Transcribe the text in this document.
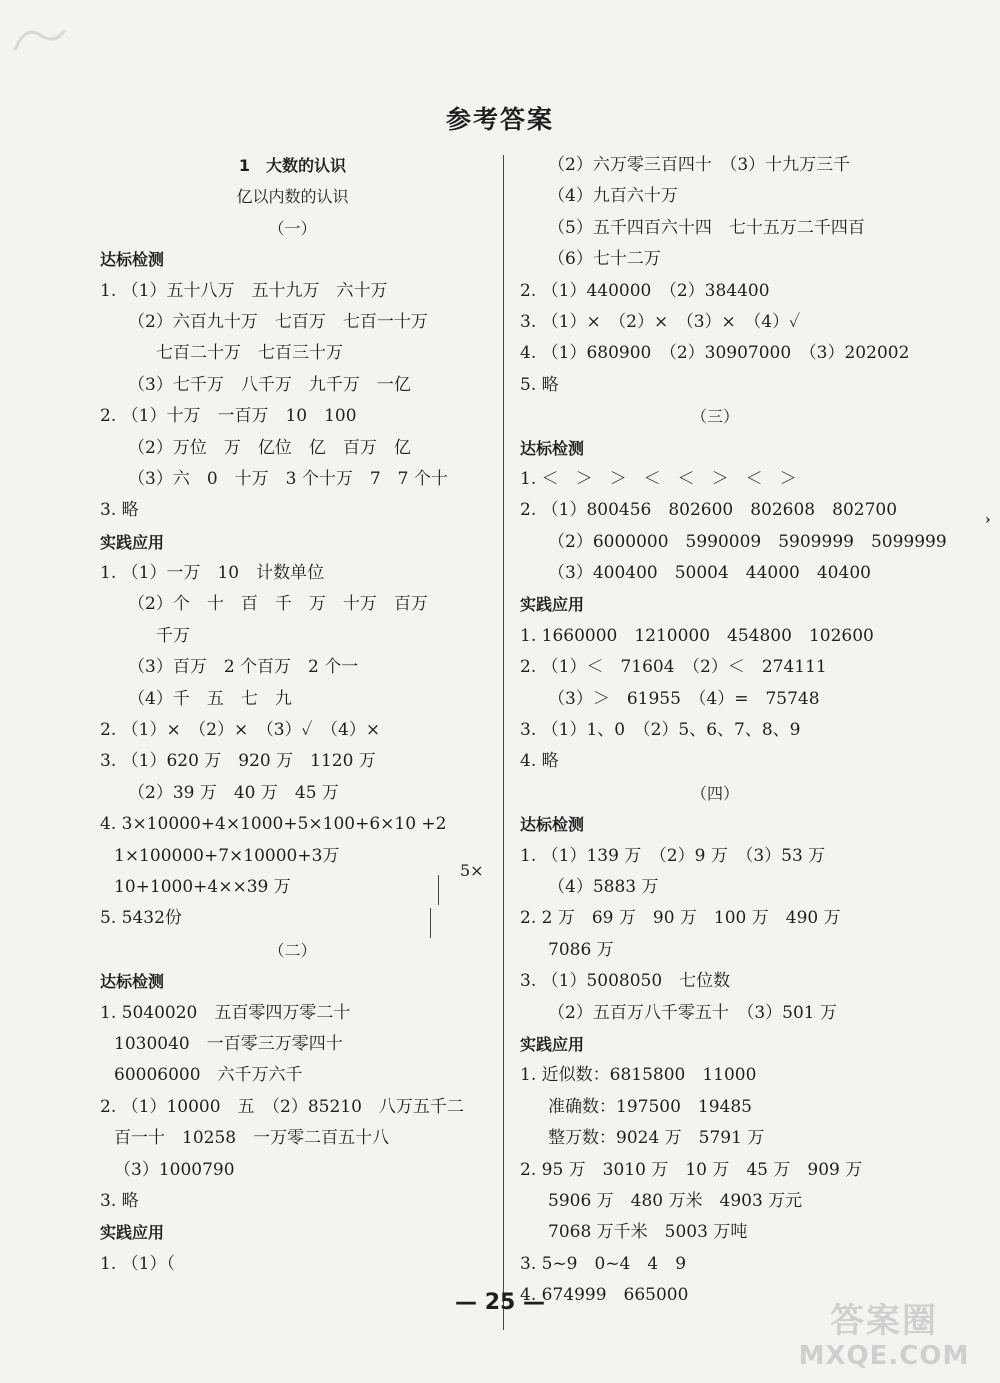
参考答案
1　大数的认识
亿以内数的认识
（一）
达标检测
1. （1）五十八万　五十九万　六十万
（2）六百九十万　七百万　七百一十万
七百二十万　七百三十万
（3）七千万　八千万　九千万　一亿
2. （1）十万　一百万　10　100
（2）万位　万　亿位　亿　百万　亿
（3）六　0　十万　3 个十万　7　7 个十
3. 略
实践应用
1. （1）一万　10　计数单位
（2）个　十　百　千　万　十万　百万
千万
（3）百万　2 个百万　2 个一
（4）千　五　七　九
2. （1）×　（2）×　（3）✓　（4）×
3. （1）620 万　920 万　1120 万
（2）39 万　40 万　45 万
4. 3×10000+4×1000+5×100+6×10 +2
1×100000+7×10000+3万
10+1000+4××39 万
5. 5432份
（二）
达标检测
1. 5040020　五百零四万零二十
1030040　一百零三万零四十
60006000　六千万六千
2. （1）10000　五　（2）85210　八万五千二
百一十　10258　一万零二百五十八
（3）1000790
3. 略
实践应用
1. （1）（
（2）六万零三百四十　（3）十九万三千
（4）九百六十万
（5）五千四百六十四　七十五万二千四百
（6）七十二万
2. （1）440000　（2）384400
3. （1）×　（2）×　（3）×　（4）✓
4. （1）680900　（2）30907000　（3）202002
5. 略
（三）
达标检测
1. ＜　＞　＞　＜　＜　＞　＜　＞
2. （1）800456　802600　802608　802700
（2）6000000　5990009　5909999　5099999
（3）400400　50004　44000　40400
实践应用
1. 1660000　1210000　454800　102600
2. （1）＜　71604　（2）＜　274111
（3）＞　61955　（4）=　75748
3. （1）1、0　（2）5、6、7、8、9
4. 略
（四）
达标检测
1. （1）139 万　（2）9 万　（3）53 万
（4）5883 万
2. 2 万　69 万　90 万　100 万　490 万
7086 万
3. （1）5008050　七位数
（2）五百万八千零五十　（3）501 万
实践应用
1. 近似数：6815800　11000
准确数：197500　19485
整万数：9024 万　5791 万
2. 95 万　3010 万　10 万　45 万　909 万
5906 万　480 万米　4903 万元
7068 万千米　5003 万吨
3. 5~9　0~4　4　9
4. 674999　665000
5×
›
— 25 —	答案圈
MXQE.COM
